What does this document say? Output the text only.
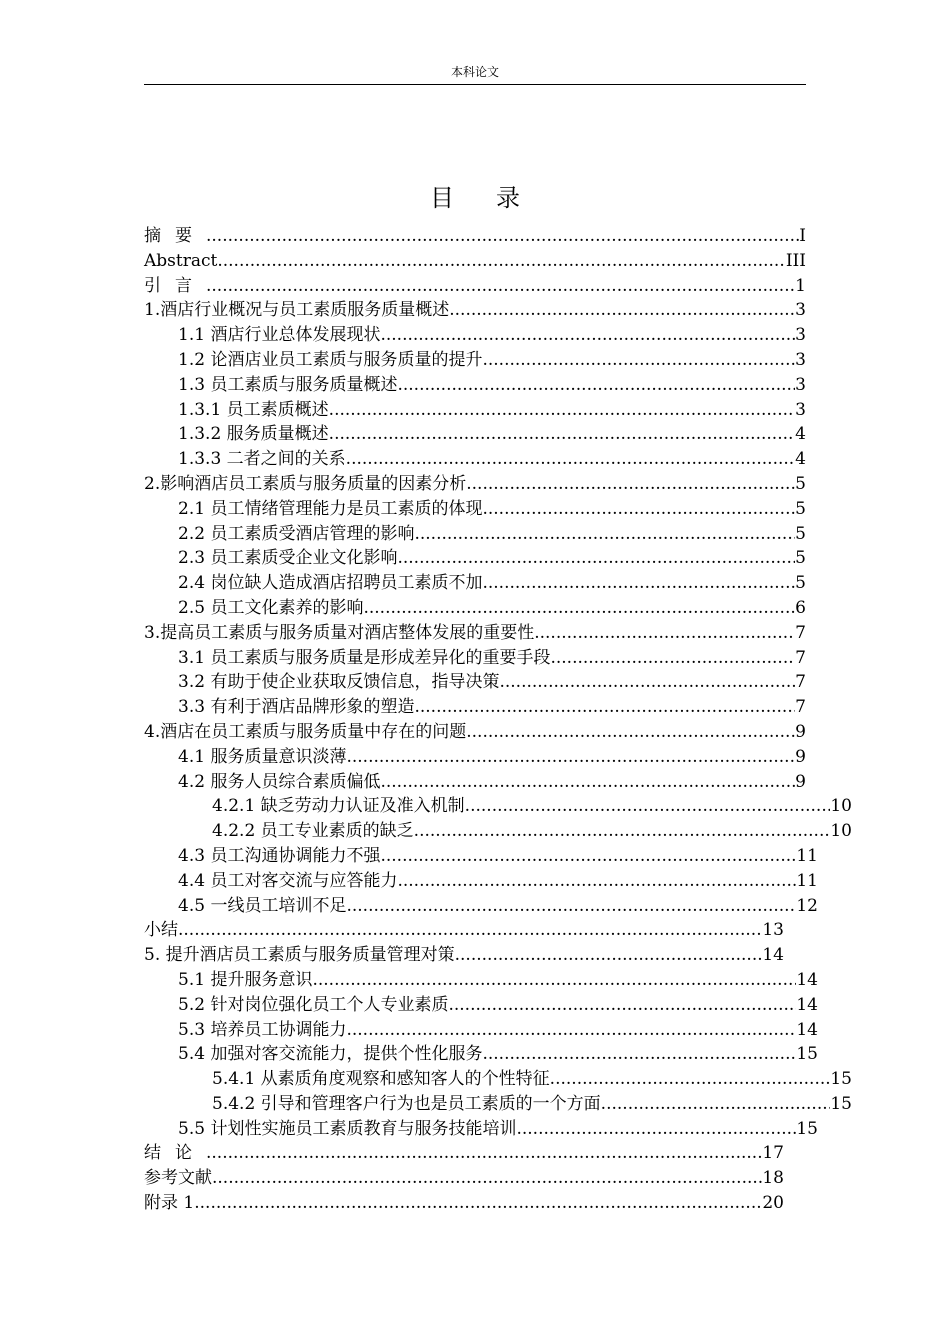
本科论文
目 录
摘要 .....	I
Abstract .....	III
引言 .....	1
1.酒店行业概况与员工素质服务质量概述 .....	3
1.1 酒店行业总体发展现状 .....	3
1.2 论酒店业员工素质与服务质量的提升 .....	3
1.3 员工素质与服务质量概述 .....	3
1.3.1 员工素质概述 .....	3
1.3.2 服务质量概述 .....	4
1.3.3 二者之间的关系 .....	4
2.影响酒店员工素质与服务质量的因素分析 .....	5
2.1 员工情绪管理能力是员工素质的体现 .....	5
2.2 员工素质受酒店管理的影响 .....	5
2.3 员工素质受企业文化影响 .....	5
2.4 岗位缺人造成酒店招聘员工素质不加 .....	5
2.5 员工文化素养的影响 .....	6
3.提高员工素质与服务质量对酒店整体发展的重要性 .....	7
3.1 员工素质与服务质量是形成差异化的重要手段 .....	7
3.2 有助于使企业获取反馈信息，指导决策 .....	7
3.3 有利于酒店品牌形象的塑造 .....	7
4.酒店在员工素质与服务质量中存在的问题 .....	9
4.1 服务质量意识淡薄 .....	9
4.2 服务人员综合素质偏低 .....	9
4.2.1 缺乏劳动力认证及准入机制 .....	10
4.2.2 员工专业素质的缺乏 .....	10
4.3 员工沟通协调能力不强 .....	11
4.4 员工对客交流与应答能力 .....	11
4.5 一线员工培训不足 .....	12
小结 .....	13
5. 提升酒店员工素质与服务质量管理对策 .....	14
5.1 提升服务意识 .....	14
5.2 针对岗位强化员工个人专业素质 .....	14
5.3 培养员工协调能力 .....	14
5.4 加强对客交流能力，提供个性化服务 .....	15
5.4.1 从素质角度观察和感知客人的个性特征 .....	15
5.4.2 引导和管理客户行为也是员工素质的一个方面 .....	15
5.5 计划性实施员工素质教育与服务技能培训 .....	15
结论 .....	17
参考文献 .....	18
附录 1 .....	20
